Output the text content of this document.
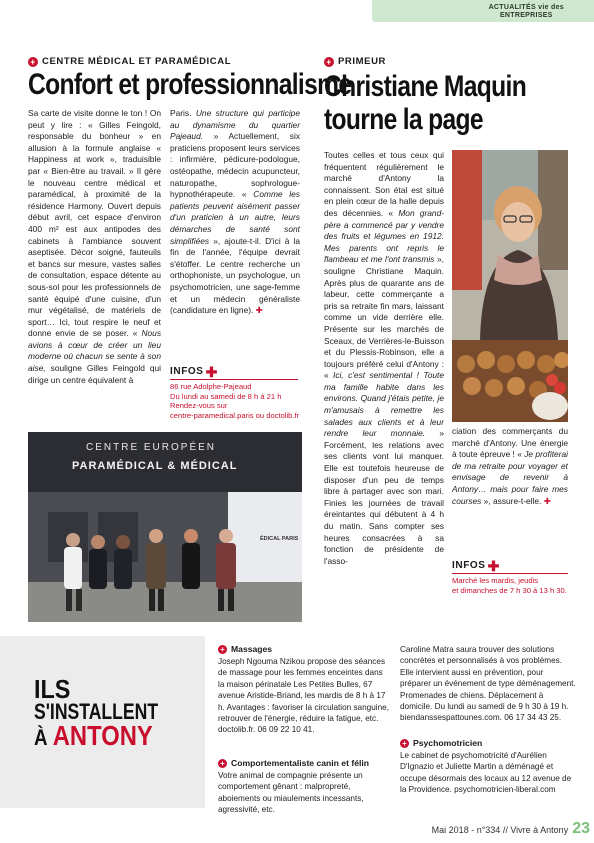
ACTUALITÉS vie des
ENTREPRISES
+ CENTRE MÉDICAL ET PARAMÉDICAL
Confort et professionnalisme

Sa carte de visite donne le ton ! On peut y lire : « Gilles Feingold, responsable du bonheur » en allusion à la formule anglaise « Happiness at work », traduisible par « Bien-être au travail. » Il gère le nouveau centre médical et paramédical, à proximité de la résidence Harmony. Ouvert depuis début avril, cet espace d'environ 400 m² est aux antipodes des cabinets à l'ambiance souvent aseptisée. Décor soigné, fauteuils et bancs sur mesure, vastes salles de consultation, espace détente au sous-sol pour les professionnels de santé équipé d'une cuisine, d'un mur végétalisé, de matériels de sport… Ici, tout respire le neuf et donne envie de se poser. « Nous avions à cœur de créer un lieu moderne où chacun se sente à son aise, souligne Gilles Feingold qui dirige un centre équivalent à

Paris. Une structure qui participe au dynamisme du quartier Pajeaud. » Actuellement, six praticiens proposent leurs services : infirmière, pédicure-podologue, ostéopathe, médecin acupuncteur, naturopathe, sophrologue-hypnothérapeute. « Comme les patients peuvent aisément passer d'un praticien à un autre, leurs démarches de santé sont simplifiées », ajoute-t-il. D'ici à la fin de l'année, l'équipe devrait s'étoffer. Le centre recherche un orthophoniste, un psychologue, un psychomotricien, une sage-femme et un médecin généraliste (candidature en ligne). ✚

INFOS ✚
86 rue Adolphe-Pajeaud
Du lundi au samedi de 8 h à 21 h
Rendez-vous sur
centre-paramedical.paris ou doctolib.fr
CENTRE EUROPÉEN
PARAMÉDICAL & MÉDICAL
ÉDICAL PARIS
+ PRIMEUR
Christiane Maquin
tourne la page

Toutes celles et tous ceux qui fréquentent régulièrement le marché d'Antony la connaissent. Son étal est situé en plein cœur de la halle depuis des décennies. « Mon grand-père a commencé par y vendre des fruits et légumes en 1912. Mes parents ont repris le flambeau et me l'ont transmis », souligne Christiane Maquin. Après plus de quarante ans de labeur, cette commerçante a pris sa retraite fin mars, laissant comme un vide derrière elle. Présente sur les marchés de Sceaux, de Verrières-le-Buisson et du Plessis-Robinson, elle a toujours préféré celui d'Antony : « Ici, c'est sentimental ! Toute ma famille habite dans les environs. Quand j'étais petite, je m'amusais à remettre les salades aux clients et à leur rendre leur monnaie. » Forcément, les relations avec ses clients vont lui manquer. Elle est toutefois heureuse de disposer d'un peu de temps libre à partager avec son mari. Finies les journées de travail éreintantes qui débutent à 4 h du matin. Sans compter ses heures consacrées à sa fonction de présidente de l'asso-

ciation des commerçants du marché d'Antony. Une énergie à toute épreuve ! « Je profiterai de ma retraite pour voyager et envisage de revenir à Antony… mais pour faire mes courses », assure-t-elle. ✚

INFOS ✚
Marché les mardis, jeudis
et dimanches de 7 h 30 à 13 h 30.
ILS
S'INSTALLENT
À ANTONY
+ Massages
Joseph Ngouma Nzikou propose des séances de massage pour les femmes enceintes dans la maison périnatale Les Petites Bulles, 67 avenue Aristide-Briand, les mardis de 8 h à 17 h. Avantages : favoriser la circulation sanguine, retrouver de l'énergie, réduire la fatigue, etc. doctolib.fr. 06 09 22 10 41.
+ Comportementaliste canin et félin
Votre animal de compagnie présente un comportement gênant : malpropreté, aboiements ou miaulements incessants, agressivité, etc.
Caroline Matra saura trouver des solutions concrètes et personnalisés à vos problèmes. Elle intervient aussi en prévention, pour préparer un événement de type déménagement. Promenades de chiens. Déplacement à domicile. Du lundi au samedi de 9 h 30 à 19 h. biendanssespattounes.com. 06 17 34 43 25.
+ Psychomotricien
Le cabinet de psychomotricité d'Aurélien D'Ignazio et Juliette Martin a déménagé et occupe désormais des locaux au 12 avenue de la Providence. psychomotricien-liberal.com
Mai 2018 - n°334 // Vivre à Antony 23
